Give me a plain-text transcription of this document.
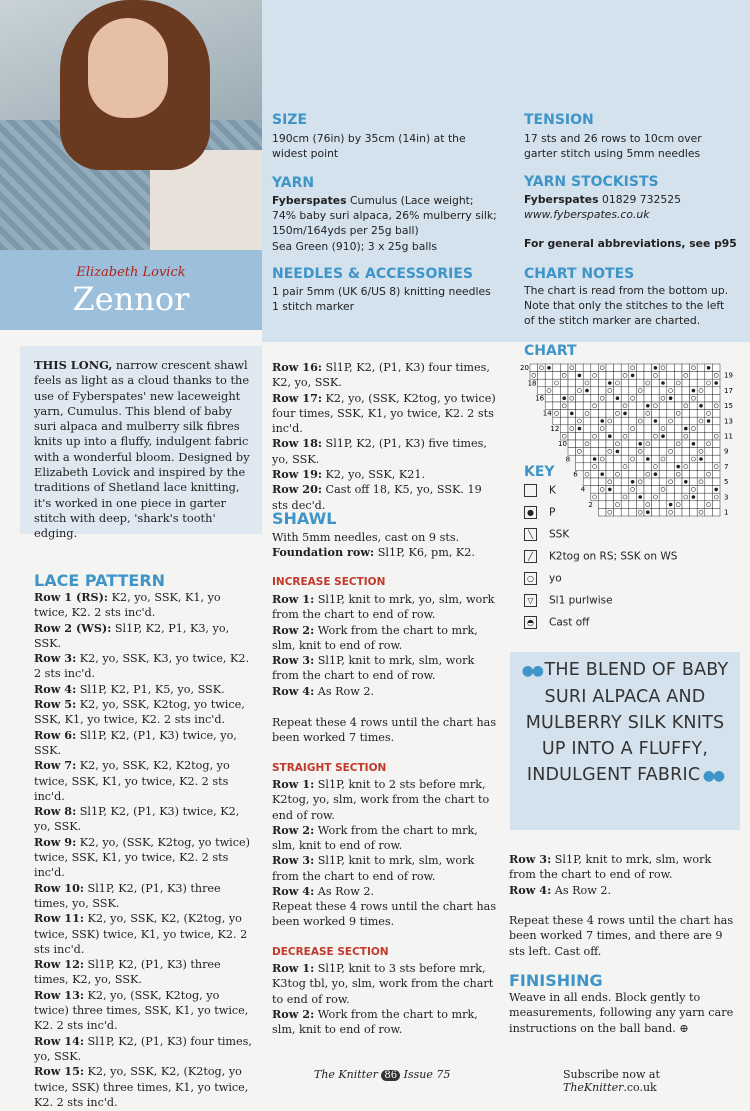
Elizabeth Lovick
Zennor
THIS LONG, narrow crescent shawl feels as light as a cloud thanks to the use of Fyberspates' new laceweight yarn, Cumulus. This blend of baby suri alpaca and mulberry silk fibres knits up into a fluffy, indulgent fabric with a wonderful bloom. Designed by Elizabeth Lovick and inspired by the traditions of Shetland lace knitting, it's worked in one piece in garter stitch with deep, 'shark's tooth' edging.
SIZE
190cm (76in) by 35cm (14in) at the widest point
YARN
Fyberspates Cumulus (Lace weight;
74% baby suri alpaca, 26% mulberry silk;
150m/164yds per 25g ball)
Sea Green (910); 3 x 25g balls
NEEDLES & ACCESSORIES
1 pair 5mm (UK 6/US 8) knitting needles
1 stitch marker
TENSION
17 sts and 26 rows to 10cm over garter stitch using 5mm needles
YARN STOCKISTS
Fyberspates 01829 732525
www.fyberspates.co.uk
For general abbreviations, see p95
CHART NOTES
The chart is read from the bottom up. Note that only the stitches to the left of the stitch marker are charted.
CHART
20
18
16
14
12
10
8
6
4
2
19
17
15
13
11
9
7
5
3
1
KEY
K
● P
╲ SSK
╱ K2tog on RS; SSK on WS
○ yo
▽ Sl1 purlwise
◓ Cast off
●● THE BLEND OF BABY SURI ALPACA AND MULBERRY SILK KNITS UP INTO A FLUFFY, INDULGENT FABRIC ●●
LACE PATTERN
Row 1 (RS): K2, yo, SSK, K1, yo twice, K2. 2 sts inc'd.
Row 2 (WS): Sl1P, K2, P1, K3, yo, SSK.
Row 3: K2, yo, SSK, K3, yo twice, K2. 2 sts inc'd.
Row 4: Sl1P, K2, P1, K5, yo, SSK.
Row 5: K2, yo, SSK, K2tog, yo twice, SSK, K1, yo twice, K2. 2 sts inc'd.
Row 6: Sl1P, K2, (P1, K3) twice, yo, SSK.
Row 7: K2, yo, SSK, K2, K2tog, yo twice, SSK, K1, yo twice, K2. 2 sts inc'd.
Row 8: Sl1P, K2, (P1, K3) twice, K2, yo, SSK.
Row 9: K2, yo, (SSK, K2tog, yo twice) twice, SSK, K1, yo twice, K2. 2 sts inc'd.
Row 10: Sl1P, K2, (P1, K3) three times, yo, SSK.
Row 11: K2, yo, SSK, K2, (K2tog, yo twice, SSK) twice, K1, yo twice, K2. 2 sts inc'd.
Row 12: Sl1P, K2, (P1, K3) three times, K2, yo, SSK.
Row 13: K2, yo, (SSK, K2tog, yo twice) three times, SSK, K1, yo twice, K2. 2 sts inc'd.
Row 14: Sl1P, K2, (P1, K3) four times, yo, SSK.
Row 15: K2, yo, SSK, K2, (K2tog, yo twice, SSK) three times, K1, yo twice, K2. 2 sts inc'd.
Row 16: Sl1P, K2, (P1, K3) four times, K2, yo, SSK.
Row 17: K2, yo, (SSK, K2tog, yo twice) four times, SSK, K1, yo twice, K2. 2 sts inc'd.
Row 18: Sl1P, K2, (P1, K3) five times, yo, SSK.
Row 19: K2, yo, SSK, K21.
Row 20: Cast off 18, K5, yo, SSK. 19 sts dec'd.
SHAWL
With 5mm needles, cast on 9 sts.
Foundation row: Sl1P, K6, pm, K2.
INCREASE SECTION
Row 1: Sl1P, knit to mrk, yo, slm, work from the chart to end of row.
Row 2: Work from the chart to mrk, slm, knit to end of row.
Row 3: Sl1P, knit to mrk, slm, work from the chart to end of row.
Row 4: As Row 2.
Repeat these 4 rows until the chart has been worked 7 times.
STRAIGHT SECTION
Row 1: Sl1P, knit to 2 sts before mrk, K2tog, yo, slm, work from the chart to end of row.
Row 2: Work from the chart to mrk, slm, knit to end of row.
Row 3: Sl1P, knit to mrk, slm, work from the chart to end of row.
Row 4: As Row 2.
Repeat these 4 rows until the chart has been worked 9 times.
DECREASE SECTION
Row 1: Sl1P, knit to 3 sts before mrk, K3tog tbl, yo, slm, work from the chart to end of row.
Row 2: Work from the chart to mrk, slm, knit to end of row.
Row 3: Sl1P, knit to mrk, slm, work from the chart to end of row.
Row 4: As Row 2.
Repeat these 4 rows until the chart has been worked 7 times, and there are 9 sts left. Cast off.
FINISHING
Weave in all ends. Block gently to measurements, following any yarn care instructions on the ball band. ⊕
The Knitter 86 Issue 75	Subscribe now at TheKnitter.co.uk
